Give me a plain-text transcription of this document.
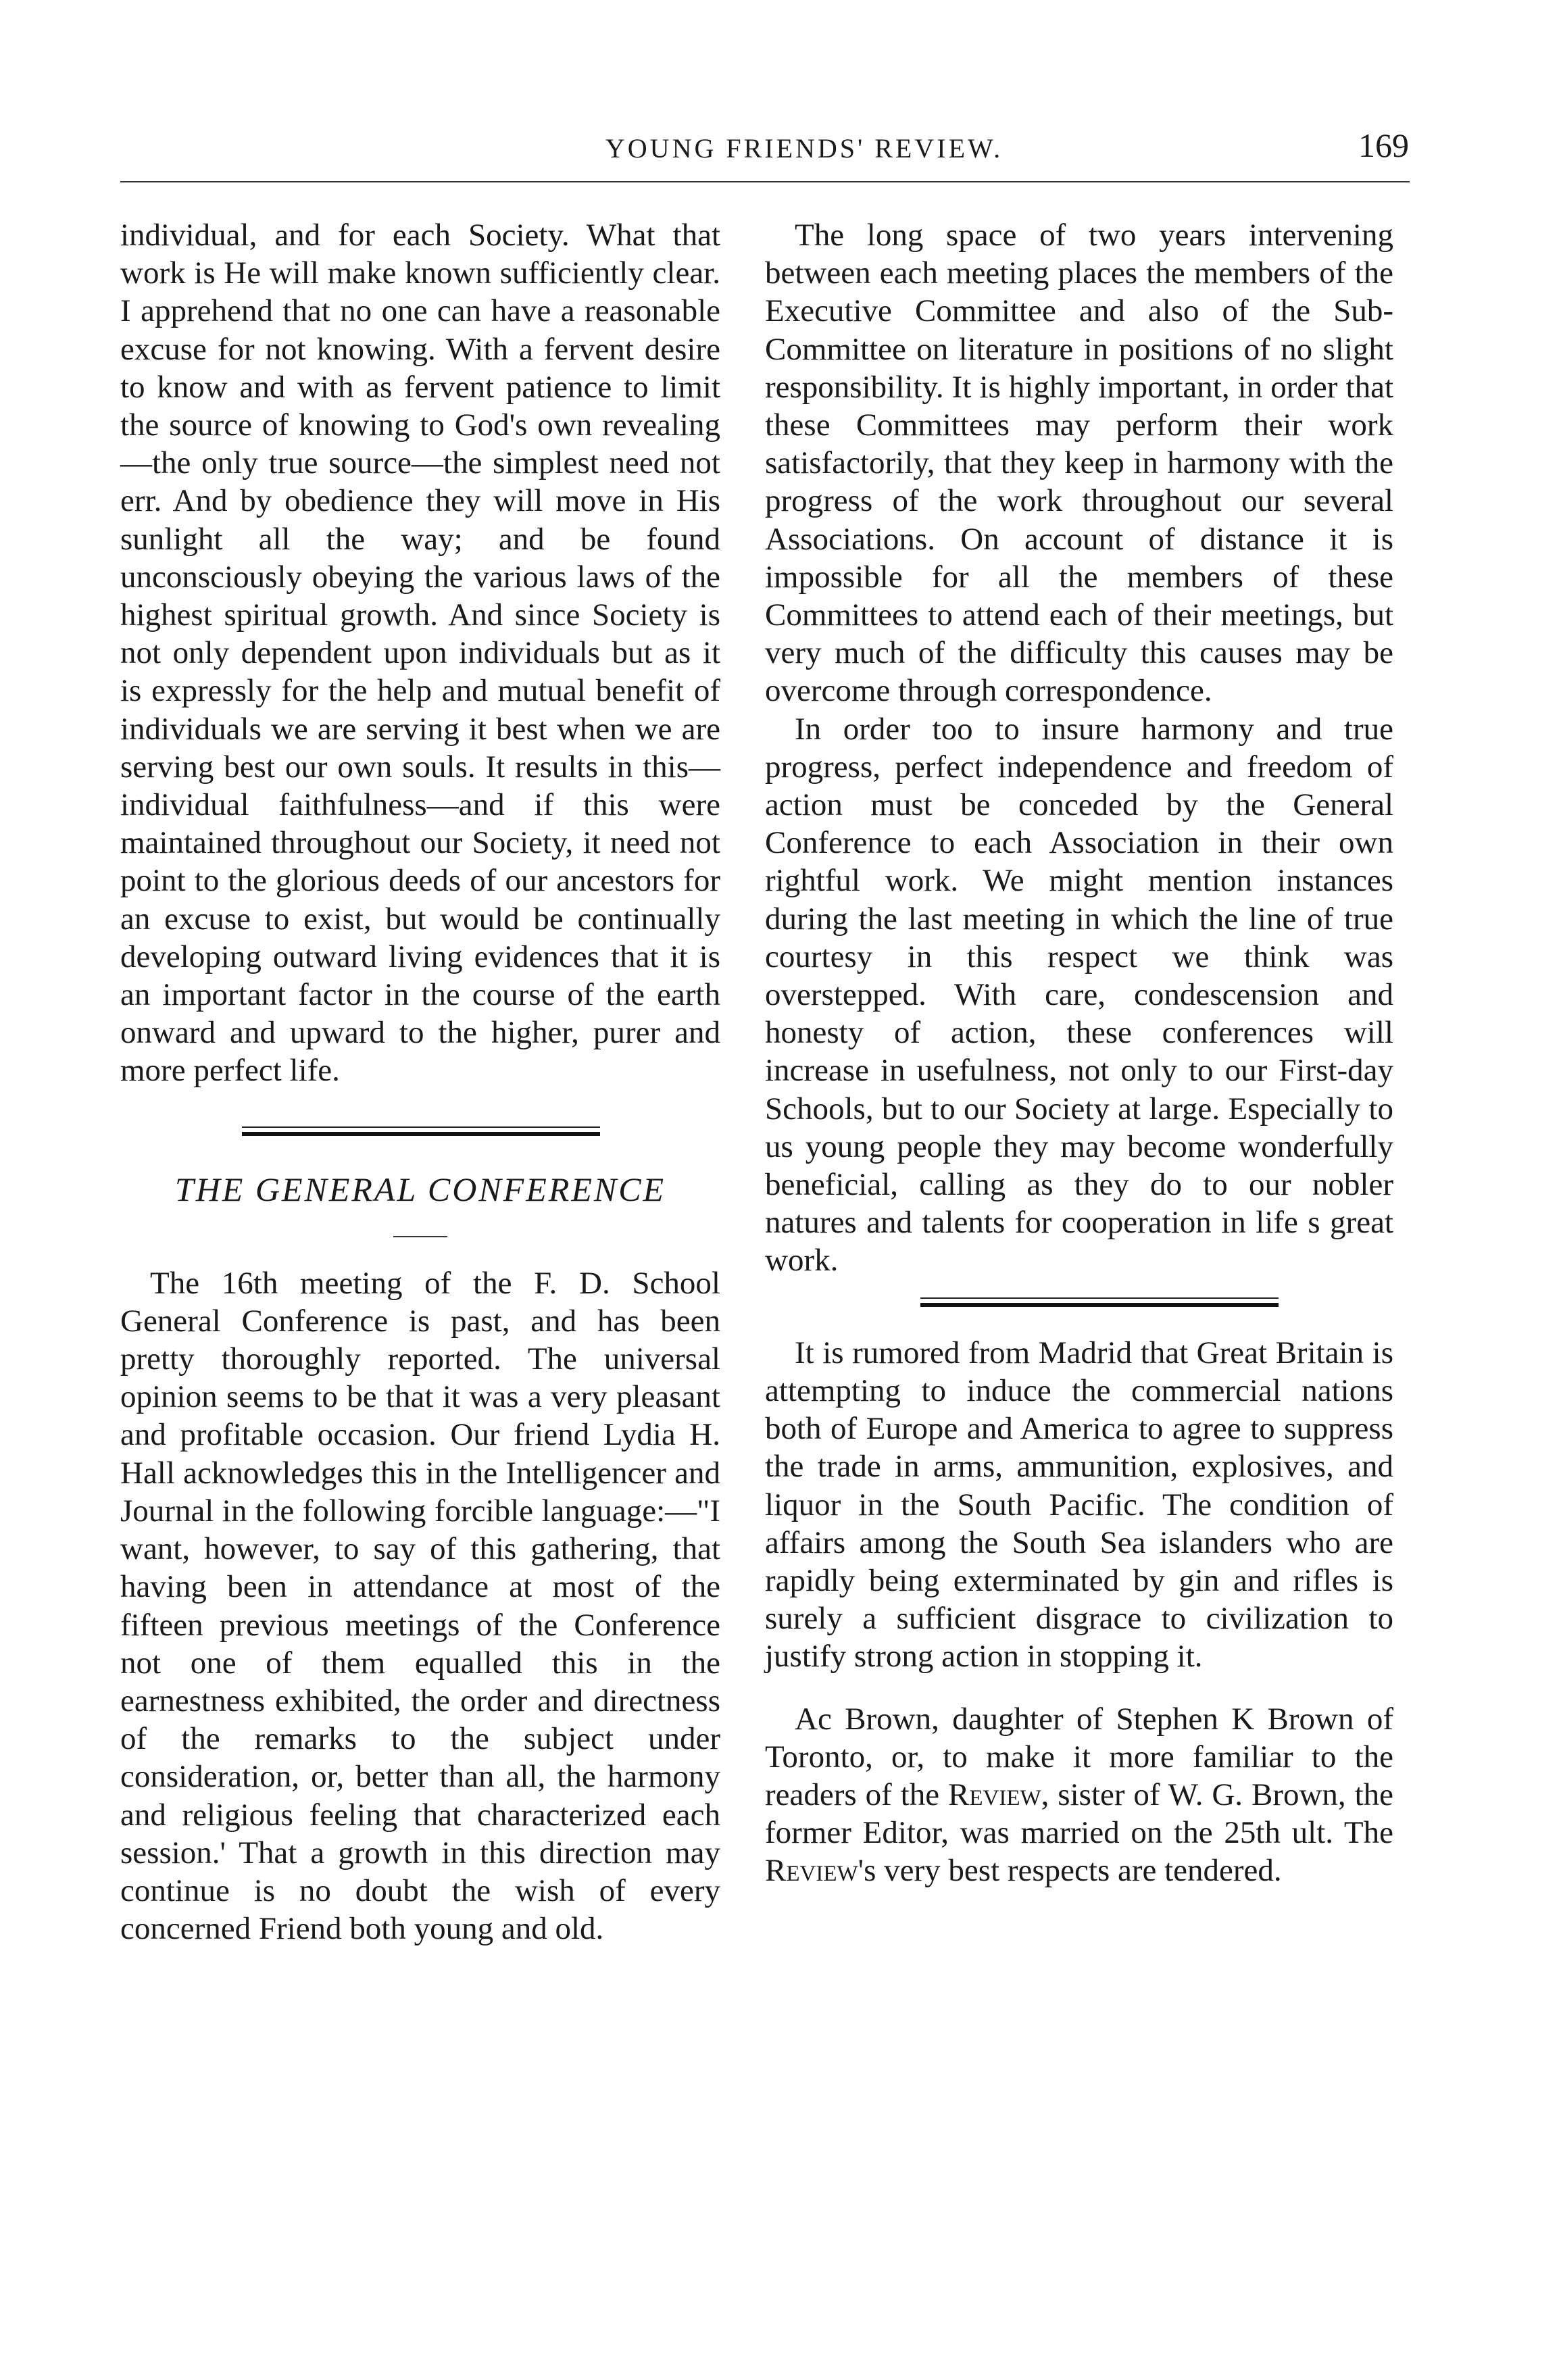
YOUNG FRIENDS' REVIEW.	169

individual, and for each Society. What that work is He will make known sufficiently clear. I apprehend that no one can have a reasonable excuse for not knowing. With a fervent desire to know and with as fervent patience to limit the source of knowing to God's own revealing—the only true source—the simplest need not err. And by obedience they will move in His sunlight all the way; and be found unconsciously obeying the various laws of the highest spiritual growth. And since Society is not only dependent upon individuals but as it is expressly for the help and mutual benefit of individuals we are serving it best when we are serving best our own souls. It results in this—individual faithfulness—and if this were maintained throughout our Society, it need not point to the glorious deeds of our ancestors for an excuse to exist, but would be continually developing outward living evidences that it is an important factor in the course of the earth onward and upward to the higher, purer and more perfect life.

THE GENERAL CONFERENCE

The 16th meeting of the F. D. School General Conference is past, and has been pretty thoroughly reported. The universal opinion seems to be that it was a very pleasant and profitable occasion. Our friend Lydia H. Hall acknowledges this in the Intelligencer and Journal in the following forcible language:—"I want, however, to say of this gathering, that having been in attendance at most of the fifteen previous meetings of the Conference not one of them equalled this in the earnestness exhibited, the order and directness of the remarks to the subject under consideration, or, better than all, the harmony and religious feeling that characterized each session.' That a growth in this direction may continue is no doubt the wish of every concerned Friend both young and old.

The long space of two years intervening between each meeting places the members of the Executive Committee and also of the Sub-Committee on literature in positions of no slight responsibility. It is highly important, in order that these Committees may perform their work satisfactorily, that they keep in harmony with the progress of the work throughout our several Associations. On account of distance it is impossible for all the members of these Committees to attend each of their meetings, but very much of the difficulty this causes may be overcome through correspondence.

In order too to insure harmony and true progress, perfect independence and freedom of action must be conceded by the General Conference to each Association in their own rightful work. We might mention instances during the last meeting in which the line of true courtesy in this respect we think was overstepped. With care, condescension and honesty of action, these conferences will increase in usefulness, not only to our First-day Schools, but to our Society at large. Especially to us young people they may become wonderfully beneficial, calling as they do to our nobler natures and talents for cooperation in life s great work.

It is rumored from Madrid that Great Britain is attempting to induce the commercial nations both of Europe and America to agree to suppress the trade in arms, ammunition, explosives, and liquor in the South Pacific. The condition of affairs among the South Sea islanders who are rapidly being exterminated by gin and rifles is surely a sufficient disgrace to civilization to justify strong action in stopping it.

Ac Brown, daughter of Stephen K Brown of Toronto, or, to make it more familiar to the readers of the Review, sister of W. G. Brown, the former Editor, was married on the 25th ult. The Review's very best respects are tendered.
